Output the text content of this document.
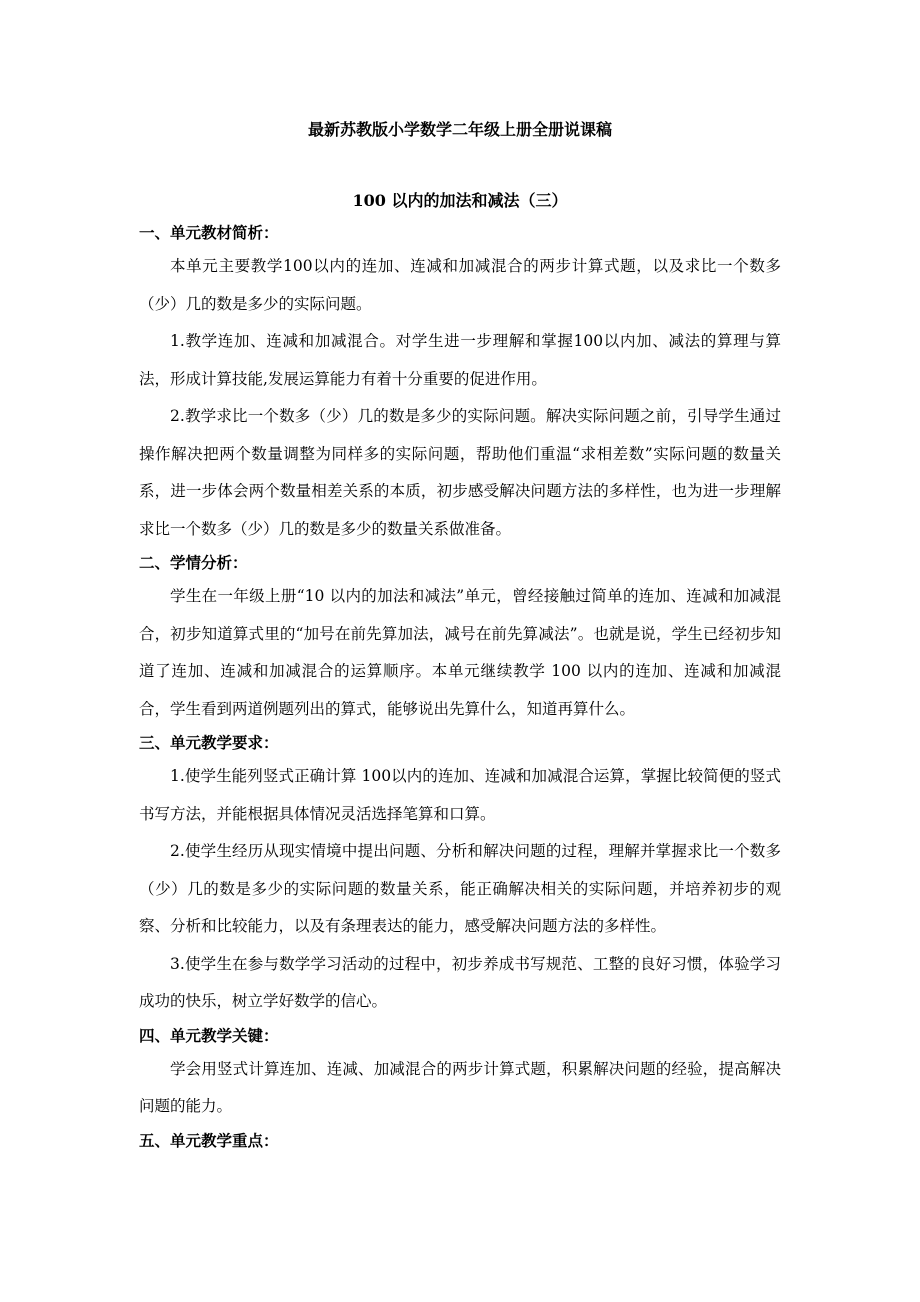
最新苏教版小学数学二年级上册全册说课稿
100 以内的加法和减法（三）
一、单元教材简析：

本单元主要教学100以内的连加、连减和加减混合的两步计算式题，以及求比一个数多（少）几的数是多少的实际问题。

1.教学连加、连减和加减混合。对学生进一步理解和掌握100以内加、减法的算理与算法，形成计算技能,发展运算能力有着十分重要的促进作用。

2.教学求比一个数多（少）几的数是多少的实际问题。解决实际问题之前，引导学生通过操作解决把两个数量调整为同样多的实际问题，帮助他们重温“求相差数”实际问题的数量关系，进一步体会两个数量相差关系的本质，初步感受解决问题方法的多样性，也为进一步理解求比一个数多（少）几的数是多少的数量关系做准备。

二、学情分析：

学生在一年级上册“10 以内的加法和减法”单元，曾经接触过简单的连加、连减和加减混合，初步知道算式里的“加号在前先算加法，减号在前先算减法”。也就是说，学生已经初步知道了连加、连减和加减混合的运算顺序。本单元继续教学 100 以内的连加、连减和加减混合，学生看到两道例题列出的算式，能够说出先算什么，知道再算什么。

三、单元教学要求：

1.使学生能列竖式正确计算 100以内的连加、连减和加减混合运算，掌握比较简便的竖式书写方法，并能根据具体情况灵活选择笔算和口算。

2.使学生经历从现实情境中提出问题、分析和解决问题的过程，理解并掌握求比一个数多（少）几的数是多少的实际问题的数量关系，能正确解决相关的实际问题，并培养初步的观察、分析和比较能力，以及有条理表达的能力，感受解决问题方法的多样性。

3.使学生在参与数学学习活动的过程中，初步养成书写规范、工整的良好习惯，体验学习成功的快乐，树立学好数学的信心。

四、单元教学关键：

学会用竖式计算连加、连减、加减混合的两步计算式题，积累解决问题的经验，提高解决问题的能力。

五、单元教学重点：
